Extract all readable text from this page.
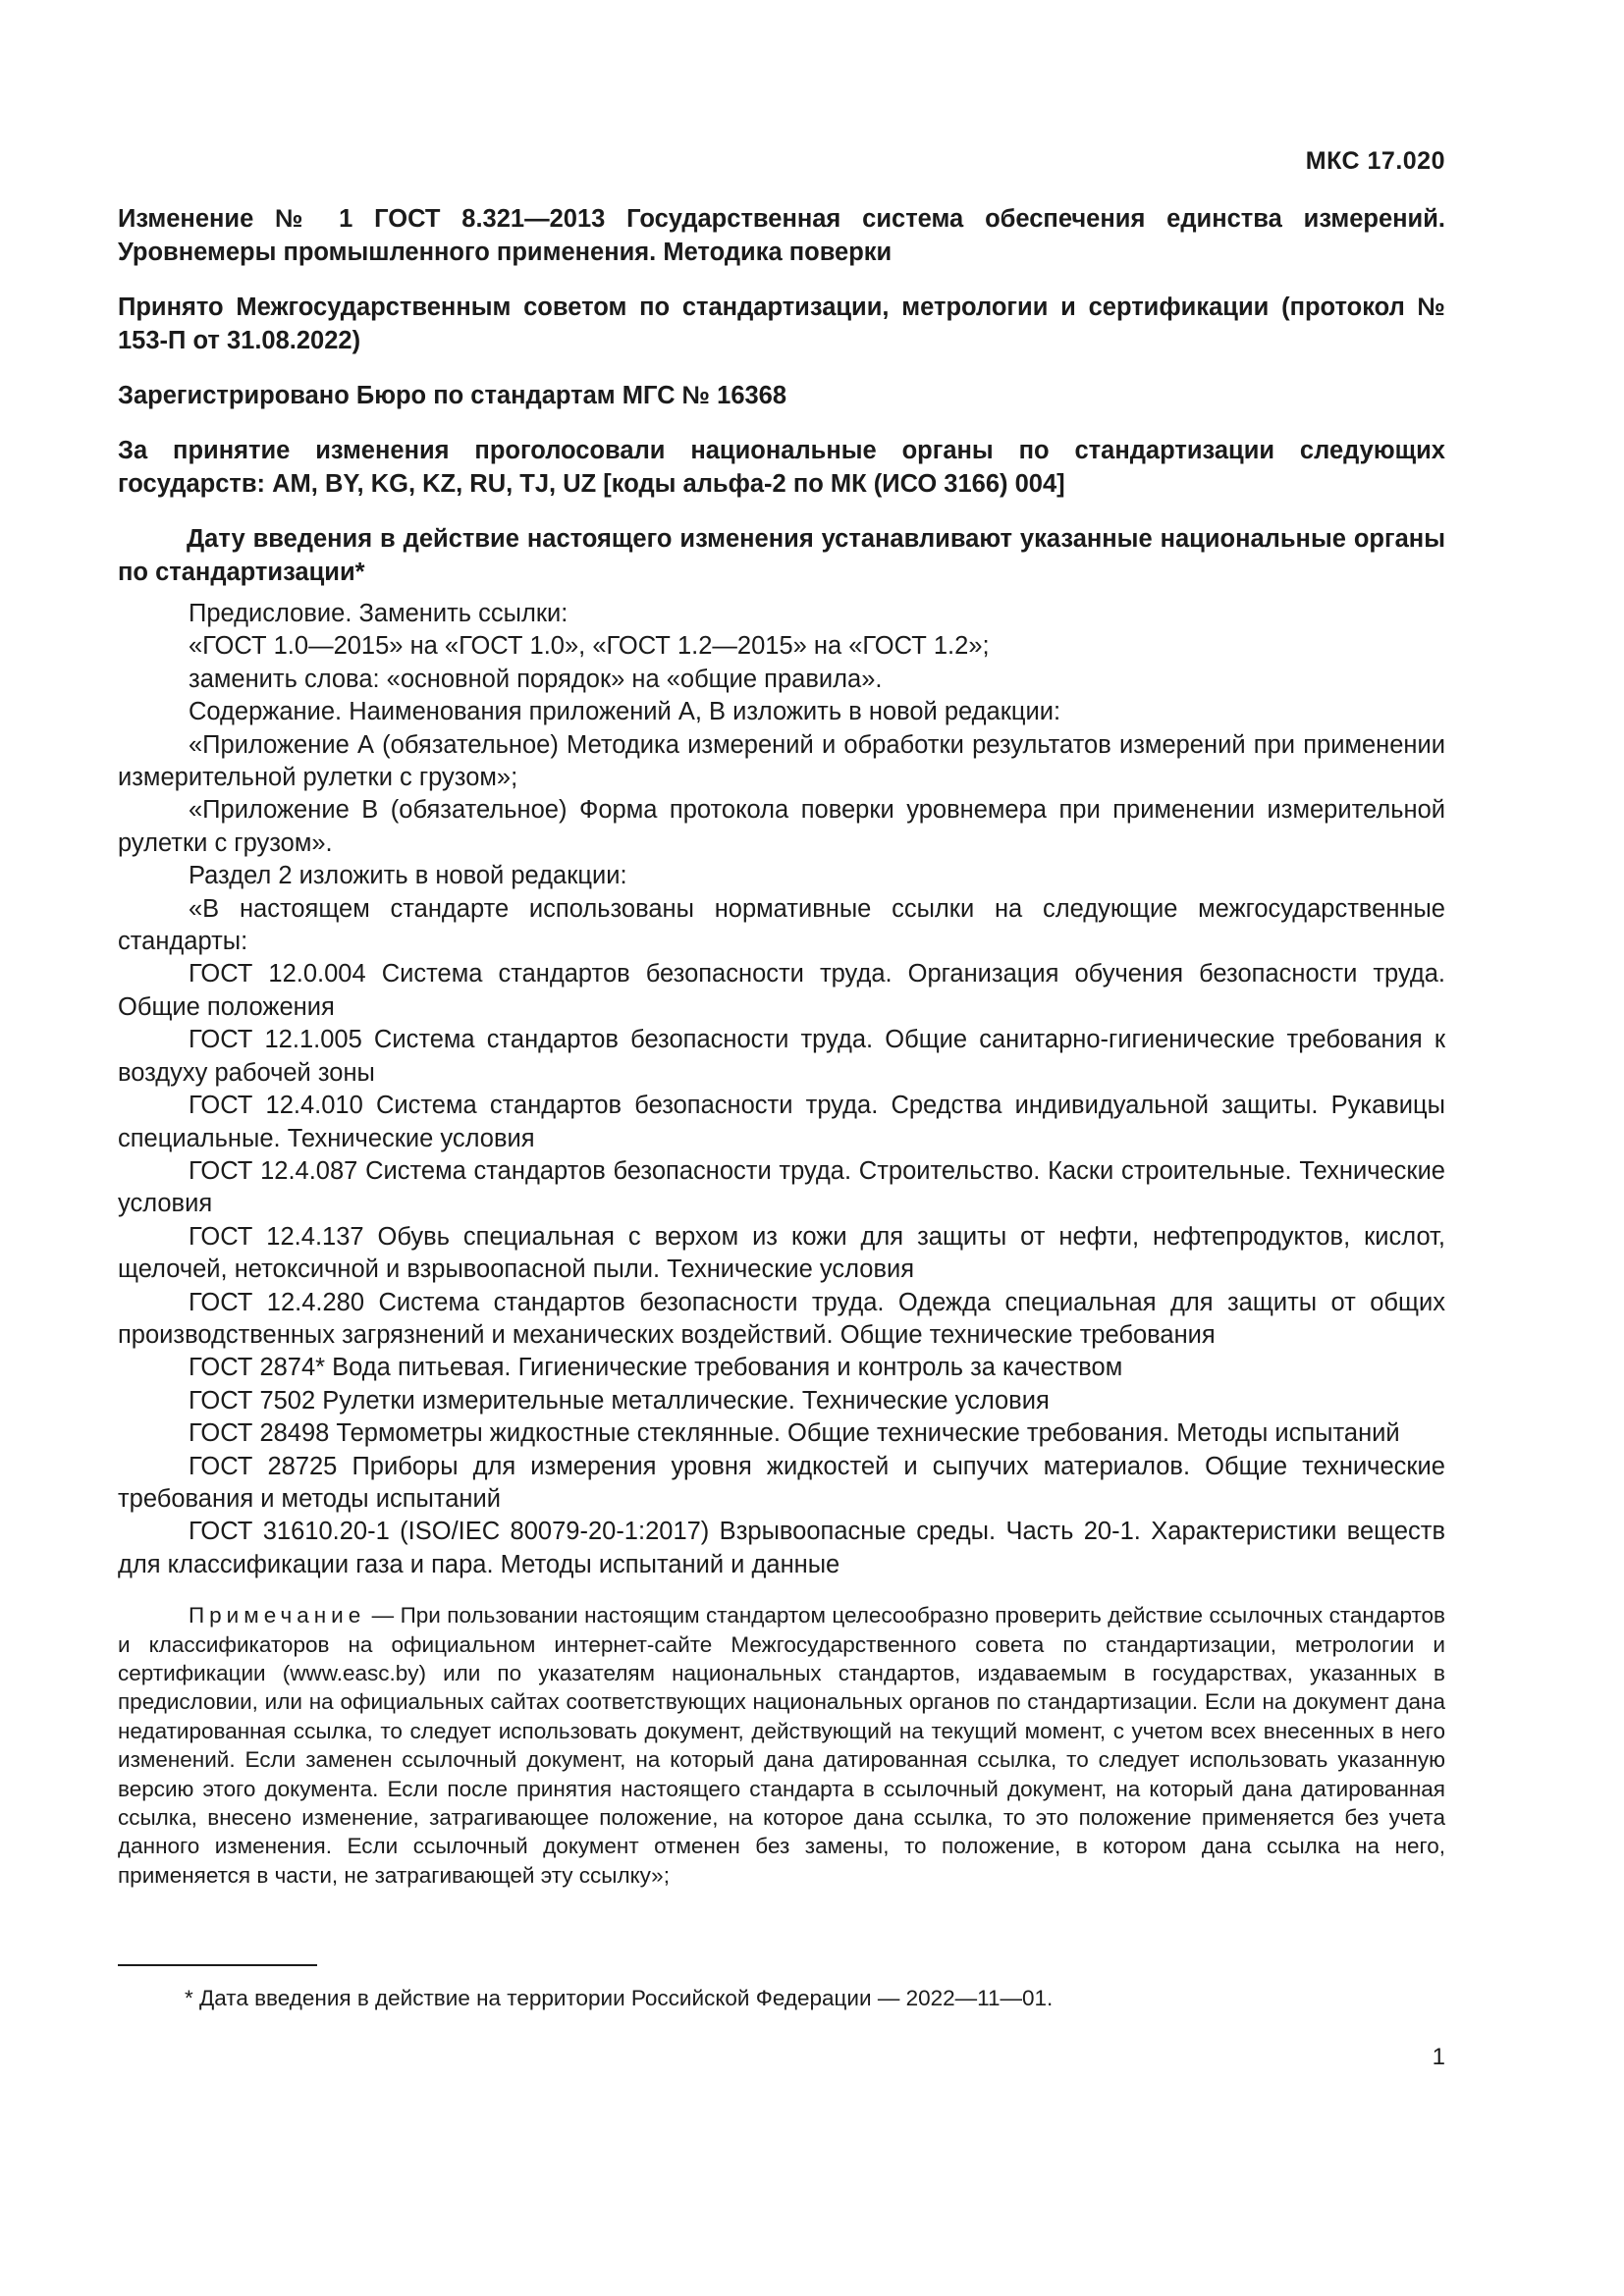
МКС 17.020
Изменение № 1 ГОСТ 8.321—2013 Государственная система обеспечения единства измерений. Уровнемеры промышленного применения. Методика поверки
Принято Межгосударственным советом по стандартизации, метрологии и сертификации (протокол № 153-П от 31.08.2022)
Зарегистрировано Бюро по стандартам МГС № 16368
За принятие изменения проголосовали национальные органы по стандартизации следующих государств: AM, BY, KG, KZ, RU, TJ, UZ [коды альфа-2 по МК (ИСО 3166) 004]
Дату введения в действие настоящего изменения устанавливают указанные национальные органы по стандартизации*
Предисловие. Заменить ссылки:
«ГОСТ 1.0—2015» на «ГОСТ 1.0», «ГОСТ 1.2—2015» на «ГОСТ 1.2»;
заменить слова: «основной порядок» на «общие правила».
Содержание. Наименования приложений А, В изложить в новой редакции:
«Приложение А (обязательное) Методика измерений и обработки результатов измерений при применении измерительной рулетки с грузом»;
«Приложение В (обязательное) Форма протокола поверки уровнемера при применении измерительной рулетки с грузом».
Раздел 2 изложить в новой редакции:
«В настоящем стандарте использованы нормативные ссылки на следующие межгосударственные стандарты:
ГОСТ 12.0.004 Система стандартов безопасности труда. Организация обучения безопасности труда. Общие положения
ГОСТ 12.1.005 Система стандартов безопасности труда. Общие санитарно-гигиенические требования к воздуху рабочей зоны
ГОСТ 12.4.010 Система стандартов безопасности труда. Средства индивидуальной защиты. Рукавицы специальные. Технические условия
ГОСТ 12.4.087 Система стандартов безопасности труда. Строительство. Каски строительные. Технические условия
ГОСТ 12.4.137 Обувь специальная с верхом из кожи для защиты от нефти, нефтепродуктов, кислот, щелочей, нетоксичной и взрывоопасной пыли. Технические условия
ГОСТ 12.4.280 Система стандартов безопасности труда. Одежда специальная для защиты от общих производственных загрязнений и механических воздействий. Общие технические требования
ГОСТ 2874* Вода питьевая. Гигиенические требования и контроль за качеством
ГОСТ 7502 Рулетки измерительные металлические. Технические условия
ГОСТ 28498 Термометры жидкостные стеклянные. Общие технические требования. Методы испытаний
ГОСТ 28725 Приборы для измерения уровня жидкостей и сыпучих материалов. Общие технические требования и методы испытаний
ГОСТ 31610.20-1 (ISO/IEC 80079-20-1:2017) Взрывоопасные среды. Часть 20-1. Характеристики веществ для классификации газа и пара. Методы испытаний и данные
Примечание — При пользовании настоящим стандартом целесообразно проверить действие ссылочных стандартов и классификаторов на официальном интернет-сайте Межгосударственного совета по стандартизации, метрологии и сертификации (www.easc.by) или по указателям национальных стандартов, издаваемым в государствах, указанных в предисловии, или на официальных сайтах соответствующих национальных органов по стандартизации. Если на документ дана недатированная ссылка, то следует использовать документ, действующий на текущий момент, с учетом всех внесенных в него изменений. Если заменен ссылочный документ, на который дана датированная ссылка, то следует использовать указанную версию этого документа. Если после принятия настоящего стандарта в ссылочный документ, на который дана датированная ссылка, внесено изменение, затрагивающее положение, на которое дана ссылка, то это положение применяется без учета данного изменения. Если ссылочный документ отменен без замены, то положение, в котором дана ссылка на него, применяется в части, не затрагивающей эту ссылку»;
* Дата введения в действие на территории Российской Федерации — 2022—11—01.
1
